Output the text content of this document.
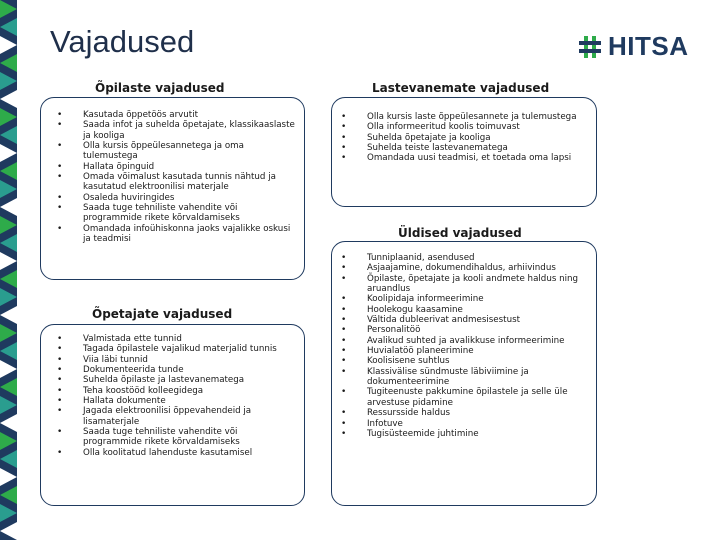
Vajadused	HITSA
Õpilaste vajadused
• Kasutada õppetöös arvutit
• Saada infot ja suhelda õpetajate, klassikaaslaste ja kooliga
• Olla kursis õppeülesannetega ja oma tulemustega
• Hallata õpinguid
• Omada võimalust kasutada tunnis nähtud ja kasutatud elektroonilisi materjale
• Osaleda huviringides
• Saada tuge tehniliste vahendite või programmide rikete kõrvaldamiseks
• Omandada infoühiskonna jaoks vajalikke oskusi ja teadmisi
Lastevanemate vajadused
• Olla kursis laste õppeülesannete ja tulemustega
• Olla informeeritud koolis toimuvast
• Suhelda õpetajate ja kooliga
• Suhelda teiste lastevanematega
• Omandada uusi teadmisi, et toetada oma lapsi
Üldised vajadused
• Tunniplaanid, asendused
• Asjaajamine, dokumendihaldus, arhiivindus
• Õpilaste, õpetajate ja kooli andmete haldus ning aruandlus
• Koolipidaja informeerimine
• Hoolekogu kaasamine
• Vältida dubleerivat andmesisestust
• Personalitöö
• Avalikud suhted ja avalikkuse informeerimine
• Huvialatöö planeerimine
• Koolisisene suhtlus
• Klassivälise sündmuste läbiviimine ja dokumenteerimine
• Tugiteenuste pakkumine õpilastele ja selle üle arvestuse pidamine
• Ressursside haldus
• Infotuve
• Tugisüsteemide juhtimine
Õpetajate vajadused
• Valmistada ette tunnid
• Tagada õpilastele vajalikud materjalid tunnis
• Viia läbi tunnid
• Dokumenteerida tunde
• Suhelda õpilaste ja lastevanematega
• Teha koostööd kolleegidega
• Hallata dokumente
• Jagada elektroonilisi õppevahendeid ja lisamaterjale
• Saada tuge tehniliste vahendite või programmide rikete kõrvaldamiseks
• Olla koolitatud lahenduste kasutamisel
